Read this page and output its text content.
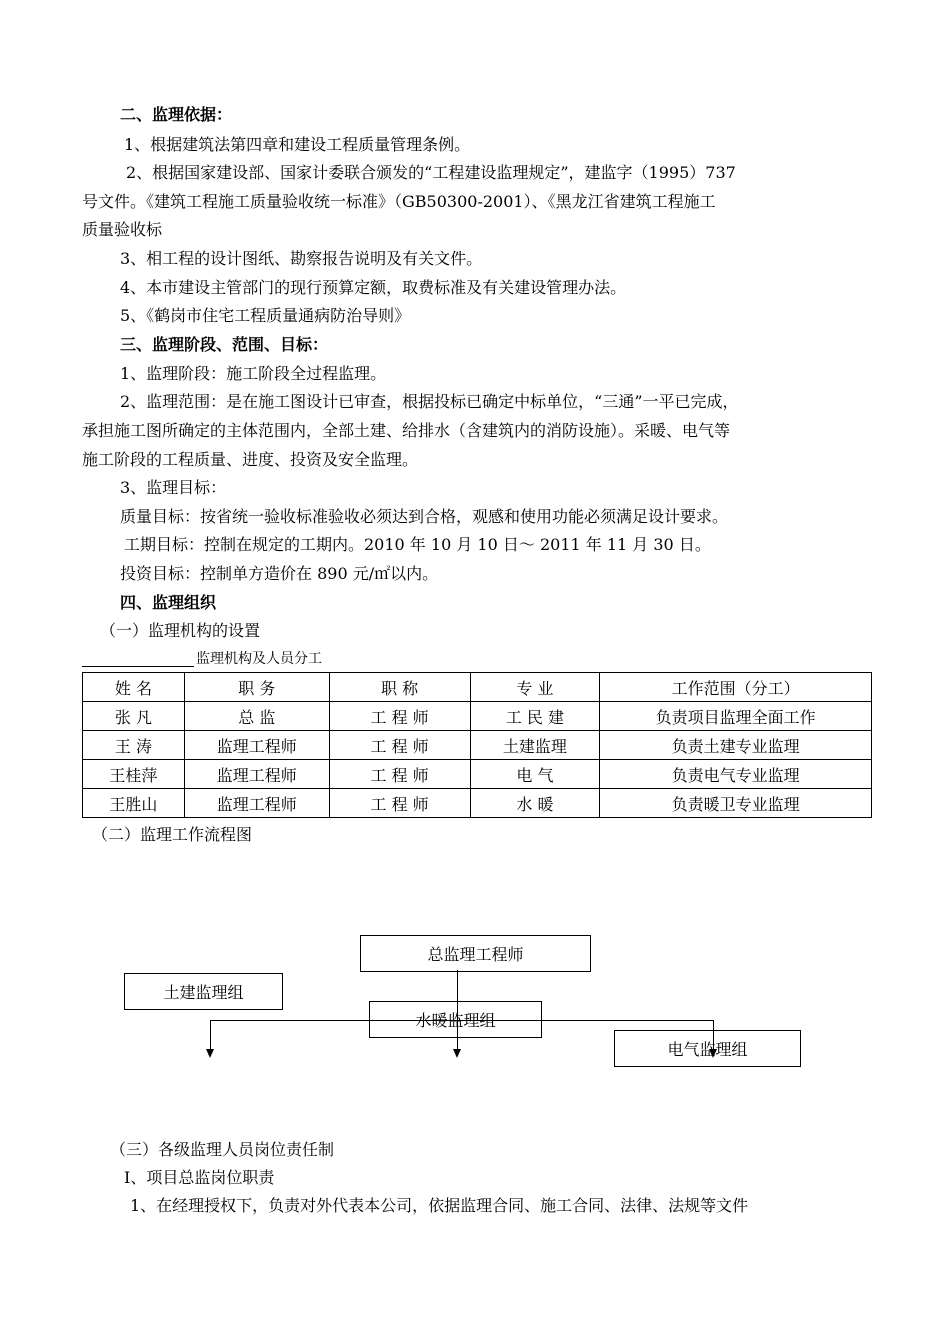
二、监理依据：
1、根据建筑法第四章和建设工程质量管理条例。
2、根据国家建设部、国家计委联合颁发的“工程建设监理规定”，建监字（1995）737
号文件。《建筑工程施工质量验收统一标准》（GB50300-2001）、《黑龙江省建筑工程施工
质量验收标
3、相工程的设计图纸、勘察报告说明及有关文件。
4、本市建设主管部门的现行预算定额，取费标准及有关建设管理办法。
5、《鹤岗市住宅工程质量通病防治导则》
三、监理阶段、范围、目标：
1、监理阶段：施工阶段全过程监理。
2、监理范围：是在施工图设计已审查，根据投标已确定中标单位，“三通”一平已完成，
承担施工图所确定的主体范围内，全部土建、给排水（含建筑内的消防设施）。采暖、电气等
施工阶段的工程质量、进度、投资及安全监理。
3、监理目标：
质量目标：按省统一验收标准验收必须达到合格，观感和使用功能必须满足设计要求。
工期目标：控制在规定的工期内。2010 年 10 月 10 日～ 2011 年 11 月 30 日。
投资目标：控制单方造价在 890 元/㎡以内。
四、监理组织
（一）监理机构的设置
监理机构及人员分工
姓 名	职 务	职 称	专 业	工作范围（分工）
张 凡	总 监	工 程 师	工 民 建	负责项目监理全面工作
王 涛	监理工程师	工 程 师	土建监理	负责土建专业监理
王桂萍	监理工程师	工 程 师	电 气	负责电气专业监理
王胜山	监理工程师	工 程 师	水 暖	负责暖卫专业监理
（二）监理工作流程图
总监理工程师
土建监理组
水暖监理组
电气监理组
（三）各级监理人员岗位责任制
Ⅰ、项目总监岗位职责
1、在经理授权下，负责对外代表本公司，依据监理合同、施工合同、法律、法规等文件
